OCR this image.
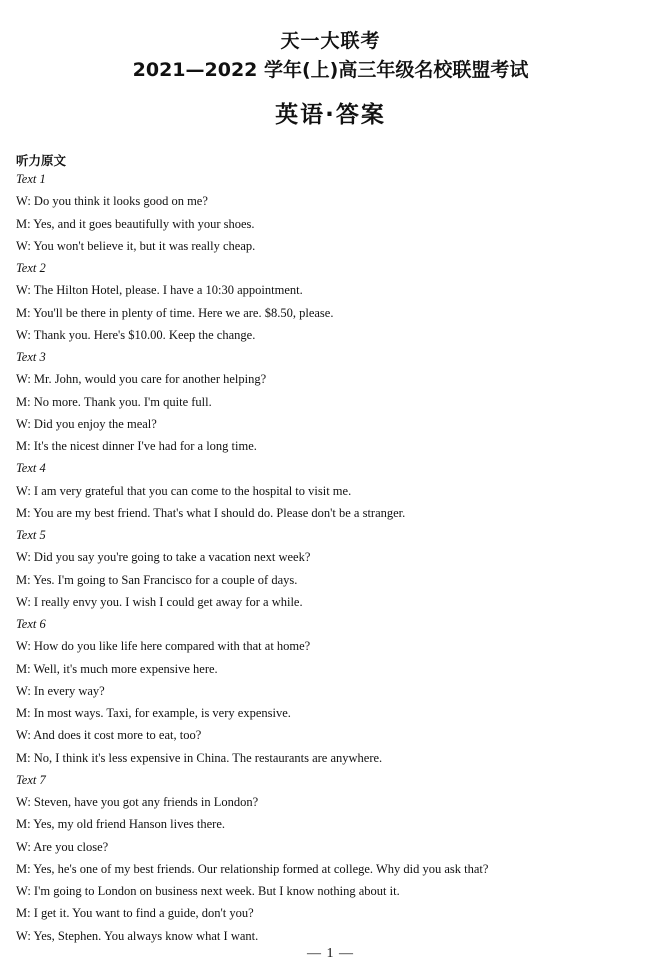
天一大联考
2021—2022 学年(上)高三年级名校联盟考试
英语·答案
听力原文
Text 1
W: Do you think it looks good on me?
M: Yes, and it goes beautifully with your shoes.
W: You won't believe it, but it was really cheap.
Text 2
W: The Hilton Hotel, please. I have a 10:30 appointment.
M: You'll be there in plenty of time. Here we are. $8.50, please.
W: Thank you. Here's $10.00. Keep the change.
Text 3
W: Mr. John, would you care for another helping?
M: No more. Thank you. I'm quite full.
W: Did you enjoy the meal?
M: It's the nicest dinner I've had for a long time.
Text 4
W: I am very grateful that you can come to the hospital to visit me.
M: You are my best friend. That's what I should do. Please don't be a stranger.
Text 5
W: Did you say you're going to take a vacation next week?
M: Yes. I'm going to San Francisco for a couple of days.
W: I really envy you. I wish I could get away for a while.
Text 6
W: How do you like life here compared with that at home?
M: Well, it's much more expensive here.
W: In every way?
M: In most ways. Taxi, for example, is very expensive.
W: And does it cost more to eat, too?
M: No, I think it's less expensive in China. The restaurants are anywhere.
Text 7
W: Steven, have you got any friends in London?
M: Yes, my old friend Hanson lives there.
W: Are you close?
M: Yes, he's one of my best friends. Our relationship formed at college. Why did you ask that?
W: I'm going to London on business next week. But I know nothing about it.
M: I get it. You want to find a guide, don't you?
W: Yes, Stephen. You always know what I want.
— 1 —
